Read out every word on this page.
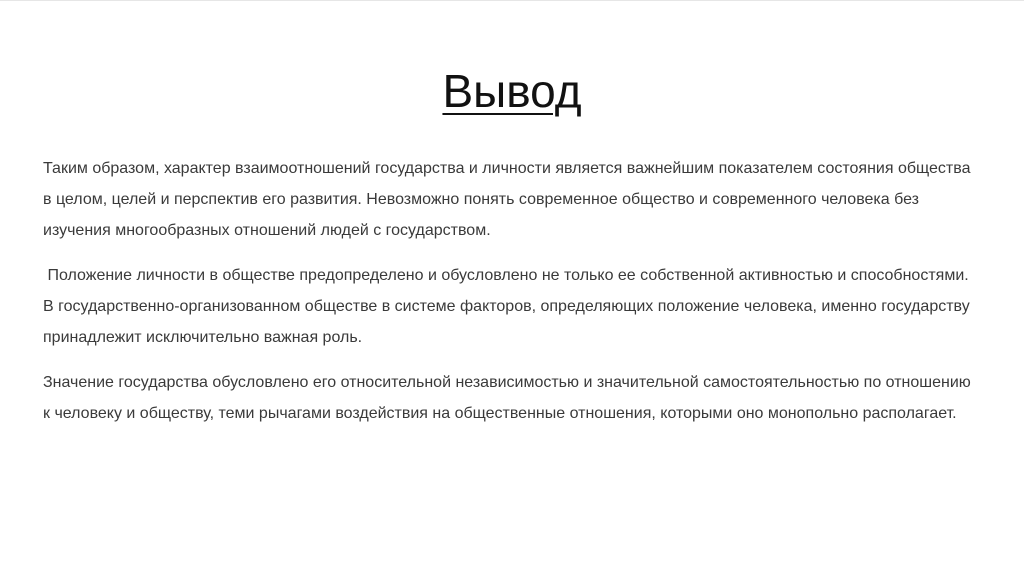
Вывод

Таким образом, характер взаимоотношений государства и личности является важнейшим показателем состояния общества в целом, целей и перспектив его развития. Невозможно понять современное общество и современного человека без изучения многообразных отношений людей с государством.

Положение личности в обществе предопределено и обусловлено не только ее собственной активностью и способностями. В государственно-организованном обществе в системе факторов, определяющих положение человека, именно государству принадлежит исключительно важная роль.

Значение государства обусловлено его относительной независимостью и значительной самостоятельностью по отношению к человеку и обществу, теми рычагами воздействия на общественные отношения, которыми оно монопольно располагает.
